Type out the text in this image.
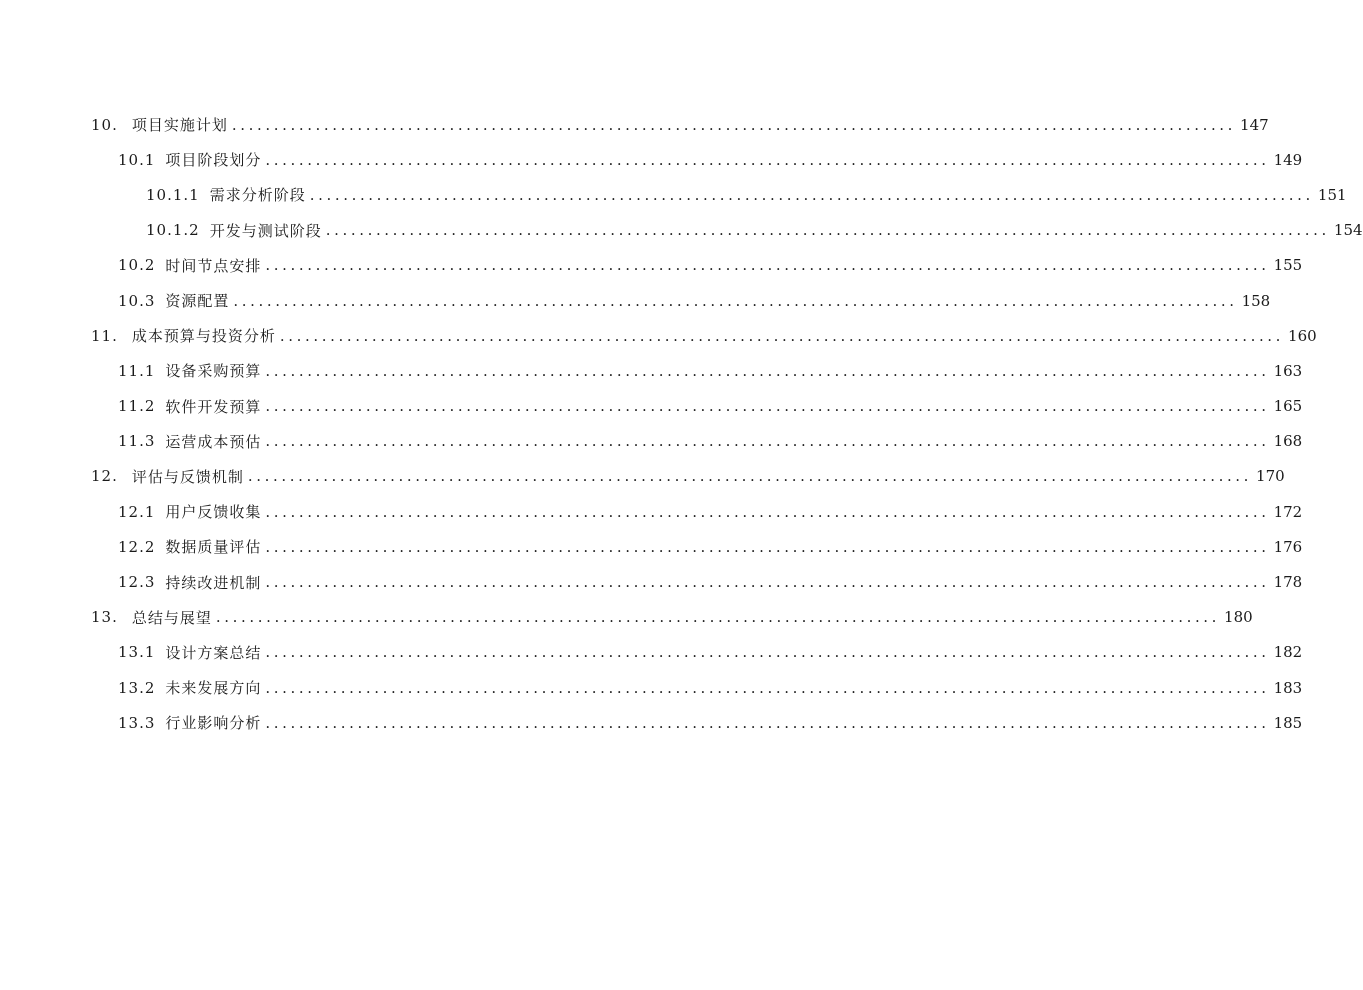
10. 项目实施计划 ........................................................................................................................ 147
10.1 项目阶段划分 ........................................................................................................................ 149
10.1.1 需求分析阶段 ........................................................................................................................ 151
10.1.2 开发与测试阶段 ........................................................................................................................ 154
10.2 时间节点安排 ........................................................................................................................ 155
10.3 资源配置 ........................................................................................................................ 158
11. 成本预算与投资分析 ........................................................................................................................ 160
11.1 设备采购预算 ........................................................................................................................ 163
11.2 软件开发预算 ........................................................................................................................ 165
11.3 运营成本预估 ........................................................................................................................ 168
12. 评估与反馈机制 ........................................................................................................................ 170
12.1 用户反馈收集 ........................................................................................................................ 172
12.2 数据质量评估 ........................................................................................................................ 176
12.3 持续改进机制 ........................................................................................................................ 178
13. 总结与展望 ........................................................................................................................ 180
13.1 设计方案总结 ........................................................................................................................ 182
13.2 未来发展方向 ........................................................................................................................ 183
13.3 行业影响分析 ........................................................................................................................ 185
